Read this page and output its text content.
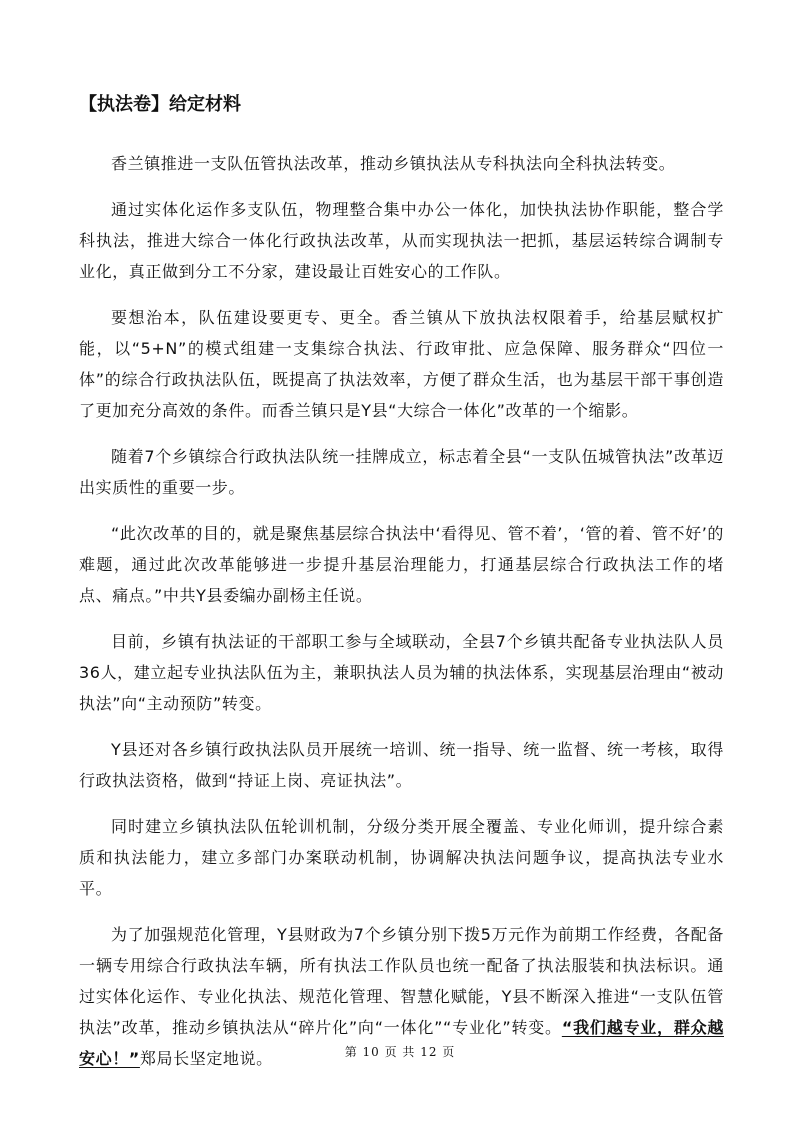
【执法卷】给定材料

香兰镇推进一支队伍管执法改革，推动乡镇执法从专科执法向全科执法转变。

通过实体化运作多支队伍，物理整合集中办公一体化，加快执法协作职能，整合学科执法，推进大综合一体化行政执法改革，从而实现执法一把抓，基层运转综合调制专业化，真正做到分工不分家，建设最让百姓安心的工作队。

要想治本，队伍建设要更专、更全。香兰镇从下放执法权限着手，给基层赋权扩能，以“5+N”的模式组建一支集综合执法、行政审批、应急保障、服务群众“四位一体”的综合行政执法队伍，既提高了执法效率，方便了群众生活，也为基层干部干事创造了更加充分高效的条件。而香兰镇只是Y县“大综合一体化”改革的一个缩影。

随着7个乡镇综合行政执法队统一挂牌成立，标志着全县“一支队伍城管执法”改革迈出实质性的重要一步。

“此次改革的目的，就是聚焦基层综合执法中‘看得见、管不着’，‘管的着、管不好’的难题，通过此次改革能够进一步提升基层治理能力，打通基层综合行政执法工作的堵点、痛点。”中共Y县委编办副杨主任说。

目前，乡镇有执法证的干部职工参与全域联动，全县7个乡镇共配备专业执法队人员36人，建立起专业执法队伍为主，兼职执法人员为辅的执法体系，实现基层治理由“被动执法”向“主动预防”转变。

Y县还对各乡镇行政执法队员开展统一培训、统一指导、统一监督、统一考核，取得行政执法资格，做到“持证上岗、亮证执法”。

同时建立乡镇执法队伍轮训机制，分级分类开展全覆盖、专业化师训，提升综合素质和执法能力，建立多部门办案联动机制，协调解决执法问题争议，提高执法专业水平。

为了加强规范化管理，Y县财政为7个乡镇分别下拨5万元作为前期工作经费，各配备一辆专用综合行政执法车辆，所有执法工作队员也统一配备了执法服装和执法标识。通过实体化运作、专业化执法、规范化管理、智慧化赋能，Y县不断深入推进“一支队伍管执法”改革，推动乡镇执法从“碎片化”向“一体化”“专业化”转变。“我们越专业，群众越安心！”郑局长坚定地说。	第 10 页 共 12 页
